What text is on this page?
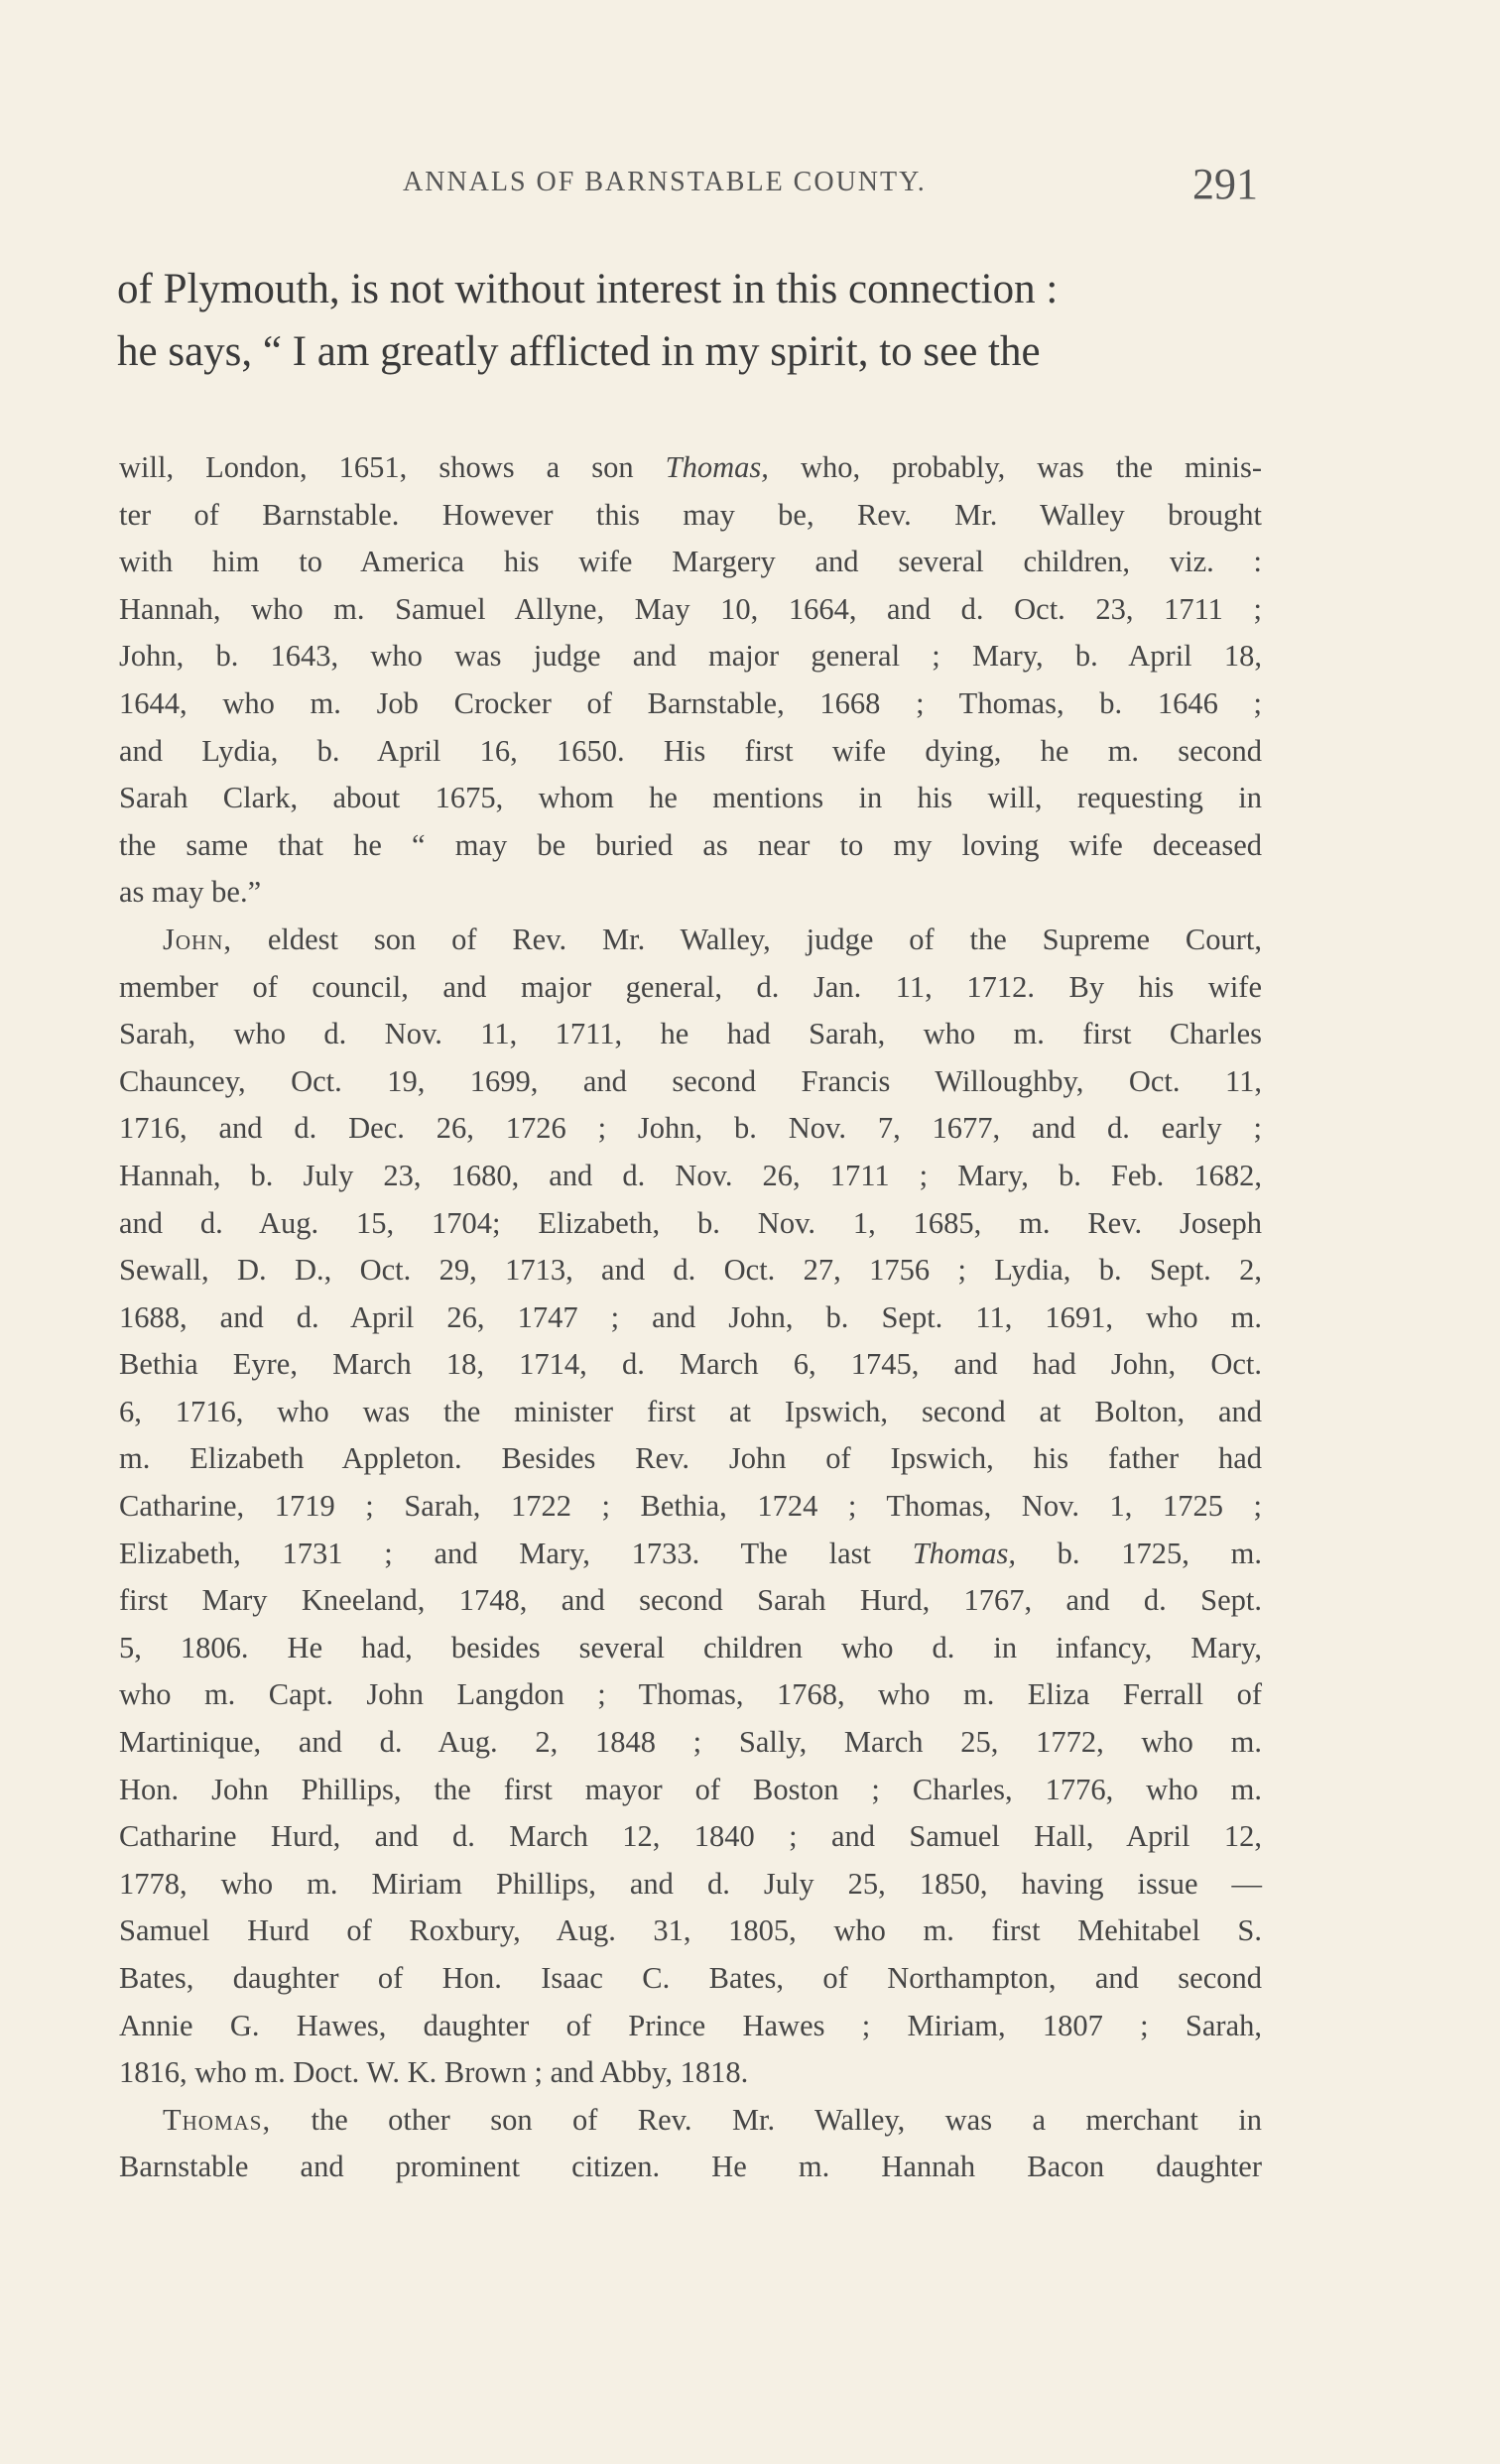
ANNALS OF BARNSTABLE COUNTY.	291
of Plymouth, is not without interest in this connection :
he says, “ I am greatly afflicted in my spirit, to see the
will, London, 1651, shows a son Thomas, who, probably, was the minis-
ter of Barnstable. However this may be, Rev. Mr. Walley brought
with him to America his wife Margery and several children, viz. :
Hannah, who m. Samuel Allyne, May 10, 1664, and d. Oct. 23, 1711 ;
John, b. 1643, who was judge and major general ; Mary, b. April 18,
1644, who m. Job Crocker of Barnstable, 1668 ; Thomas, b. 1646 ;
and Lydia, b. April 16, 1650. His first wife dying, he m. second
Sarah Clark, about 1675, whom he mentions in his will, requesting in
the same that he “ may be buried as near to my loving wife deceased
as may be.”
John, eldest son of Rev. Mr. Walley, judge of the Supreme Court,
member of council, and major general, d. Jan. 11, 1712. By his wife
Sarah, who d. Nov. 11, 1711, he had Sarah, who m. first Charles
Chauncey, Oct. 19, 1699, and second Francis Willoughby, Oct. 11,
1716, and d. Dec. 26, 1726 ; John, b. Nov. 7, 1677, and d. early ;
Hannah, b. July 23, 1680, and d. Nov. 26, 1711 ; Mary, b. Feb. 1682,
and d. Aug. 15, 1704; Elizabeth, b. Nov. 1, 1685, m. Rev. Joseph
Sewall, D. D., Oct. 29, 1713, and d. Oct. 27, 1756 ; Lydia, b. Sept. 2,
1688, and d. April 26, 1747 ; and John, b. Sept. 11, 1691, who m.
Bethia Eyre, March 18, 1714, d. March 6, 1745, and had John, Oct.
6, 1716, who was the minister first at Ipswich, second at Bolton, and
m. Elizabeth Appleton. Besides Rev. John of Ipswich, his father had
Catharine, 1719 ; Sarah, 1722 ; Bethia, 1724 ; Thomas, Nov. 1, 1725 ;
Elizabeth, 1731 ; and Mary, 1733. The last Thomas, b. 1725, m.
first Mary Kneeland, 1748, and second Sarah Hurd, 1767, and d. Sept.
5, 1806. He had, besides several children who d. in infancy, Mary,
who m. Capt. John Langdon ; Thomas, 1768, who m. Eliza Ferrall of
Martinique, and d. Aug. 2, 1848 ; Sally, March 25, 1772, who m.
Hon. John Phillips, the first mayor of Boston ; Charles, 1776, who m.
Catharine Hurd, and d. March 12, 1840 ; and Samuel Hall, April 12,
1778, who m. Miriam Phillips, and d. July 25, 1850, having issue —
Samuel Hurd of Roxbury, Aug. 31, 1805, who m. first Mehitabel S.
Bates, daughter of Hon. Isaac C. Bates, of Northampton, and second
Annie G. Hawes, daughter of Prince Hawes ; Miriam, 1807 ; Sarah,
1816, who m. Doct. W. K. Brown ; and Abby, 1818.
Thomas, the other son of Rev. Mr. Walley, was a merchant in
Barnstable and prominent citizen. He m. Hannah Bacon daughter
